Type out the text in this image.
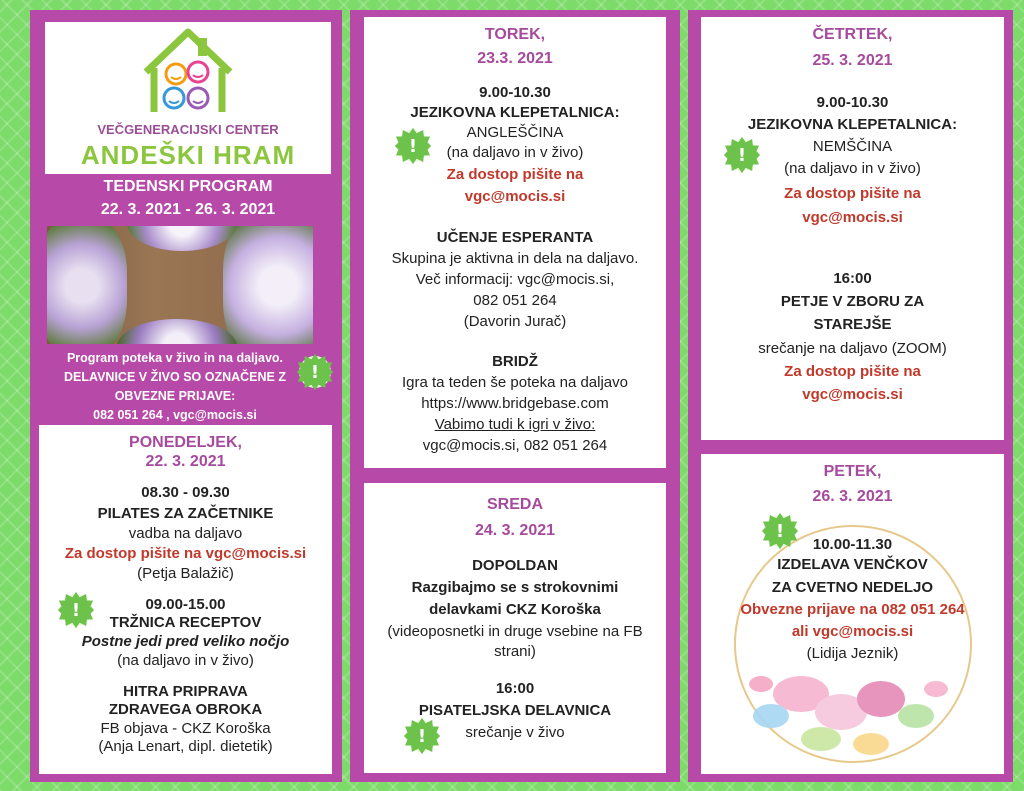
VEČGENERACIJSKI CENTER
ANDEŠKI HRAM
TEDENSKI PROGRAM
22. 3. 2021 - 26. 3. 2021
Program poteka v živo in na daljavo.
DELAVNICE V ŽIVO SO OZNAČENE Z
OBVEZNE PRIJAVE:
082 051 264 , vgc@mocis.si
!
PONEDELJEK,
22. 3. 2021
08.30 - 09.30
PILATES ZA ZAČETNIKE
vadba na daljavo
Za dostop pišite na vgc@mocis.si
(Petja Balažič)
!	09.00-15.00
TRŽNICA RECEPTOV
Postne jedi pred veliko nočjo
(na daljavo in v živo)
HITRA PRIPRAVA
ZDRAVEGA OBROKA
FB objava - CKZ Koroška
(Anja Lenart, dipl. dietetik)
TOREK,
23.3. 2021
9.00-10.30
JEZIKOVNA KLEPETALNICA:
!
ANGLEŠČINA
(na daljavo in v živo)
Za dostop pišite na
vgc@mocis.si
UČENJE ESPERANTA
Skupina je aktivna in dela na daljavo.
Več informacij: vgc@mocis.si,
082 051 264
(Davorin Jurač)
BRIDŽ
Igra ta teden še poteka na daljavo
https://www.bridgebase.com
Vabimo tudi k igri v živo:
vgc@mocis.si, 082 051 264
SREDA
24. 3. 2021
DOPOLDAN
Razgibajmo se s strokovnimi
delavkami CKZ Koroška
(videoposnetki in druge vsebine na FB
strani)
16:00
PISATELJSKA DELAVNICA
!	srečanje v živo
ČETRTEK,
25. 3. 2021
9.00-10.30
JEZIKOVNA KLEPETALNICA:
!	NEMŠČINA
(na daljavo in v živo)
Za dostop pišite na
vgc@mocis.si
16:00
PETJE V ZBORU ZA
STAREJŠE
srečanje na daljavo (ZOOM)
Za dostop pišite na
vgc@mocis.si
PETEK,
26. 3. 2021
!
10.00-11.30
IZDELAVA VENČKOV
ZA CVETNO NEDELJO
Obvezne prijave na 082 051 264
ali vgc@mocis.si
(Lidija Jeznik)
